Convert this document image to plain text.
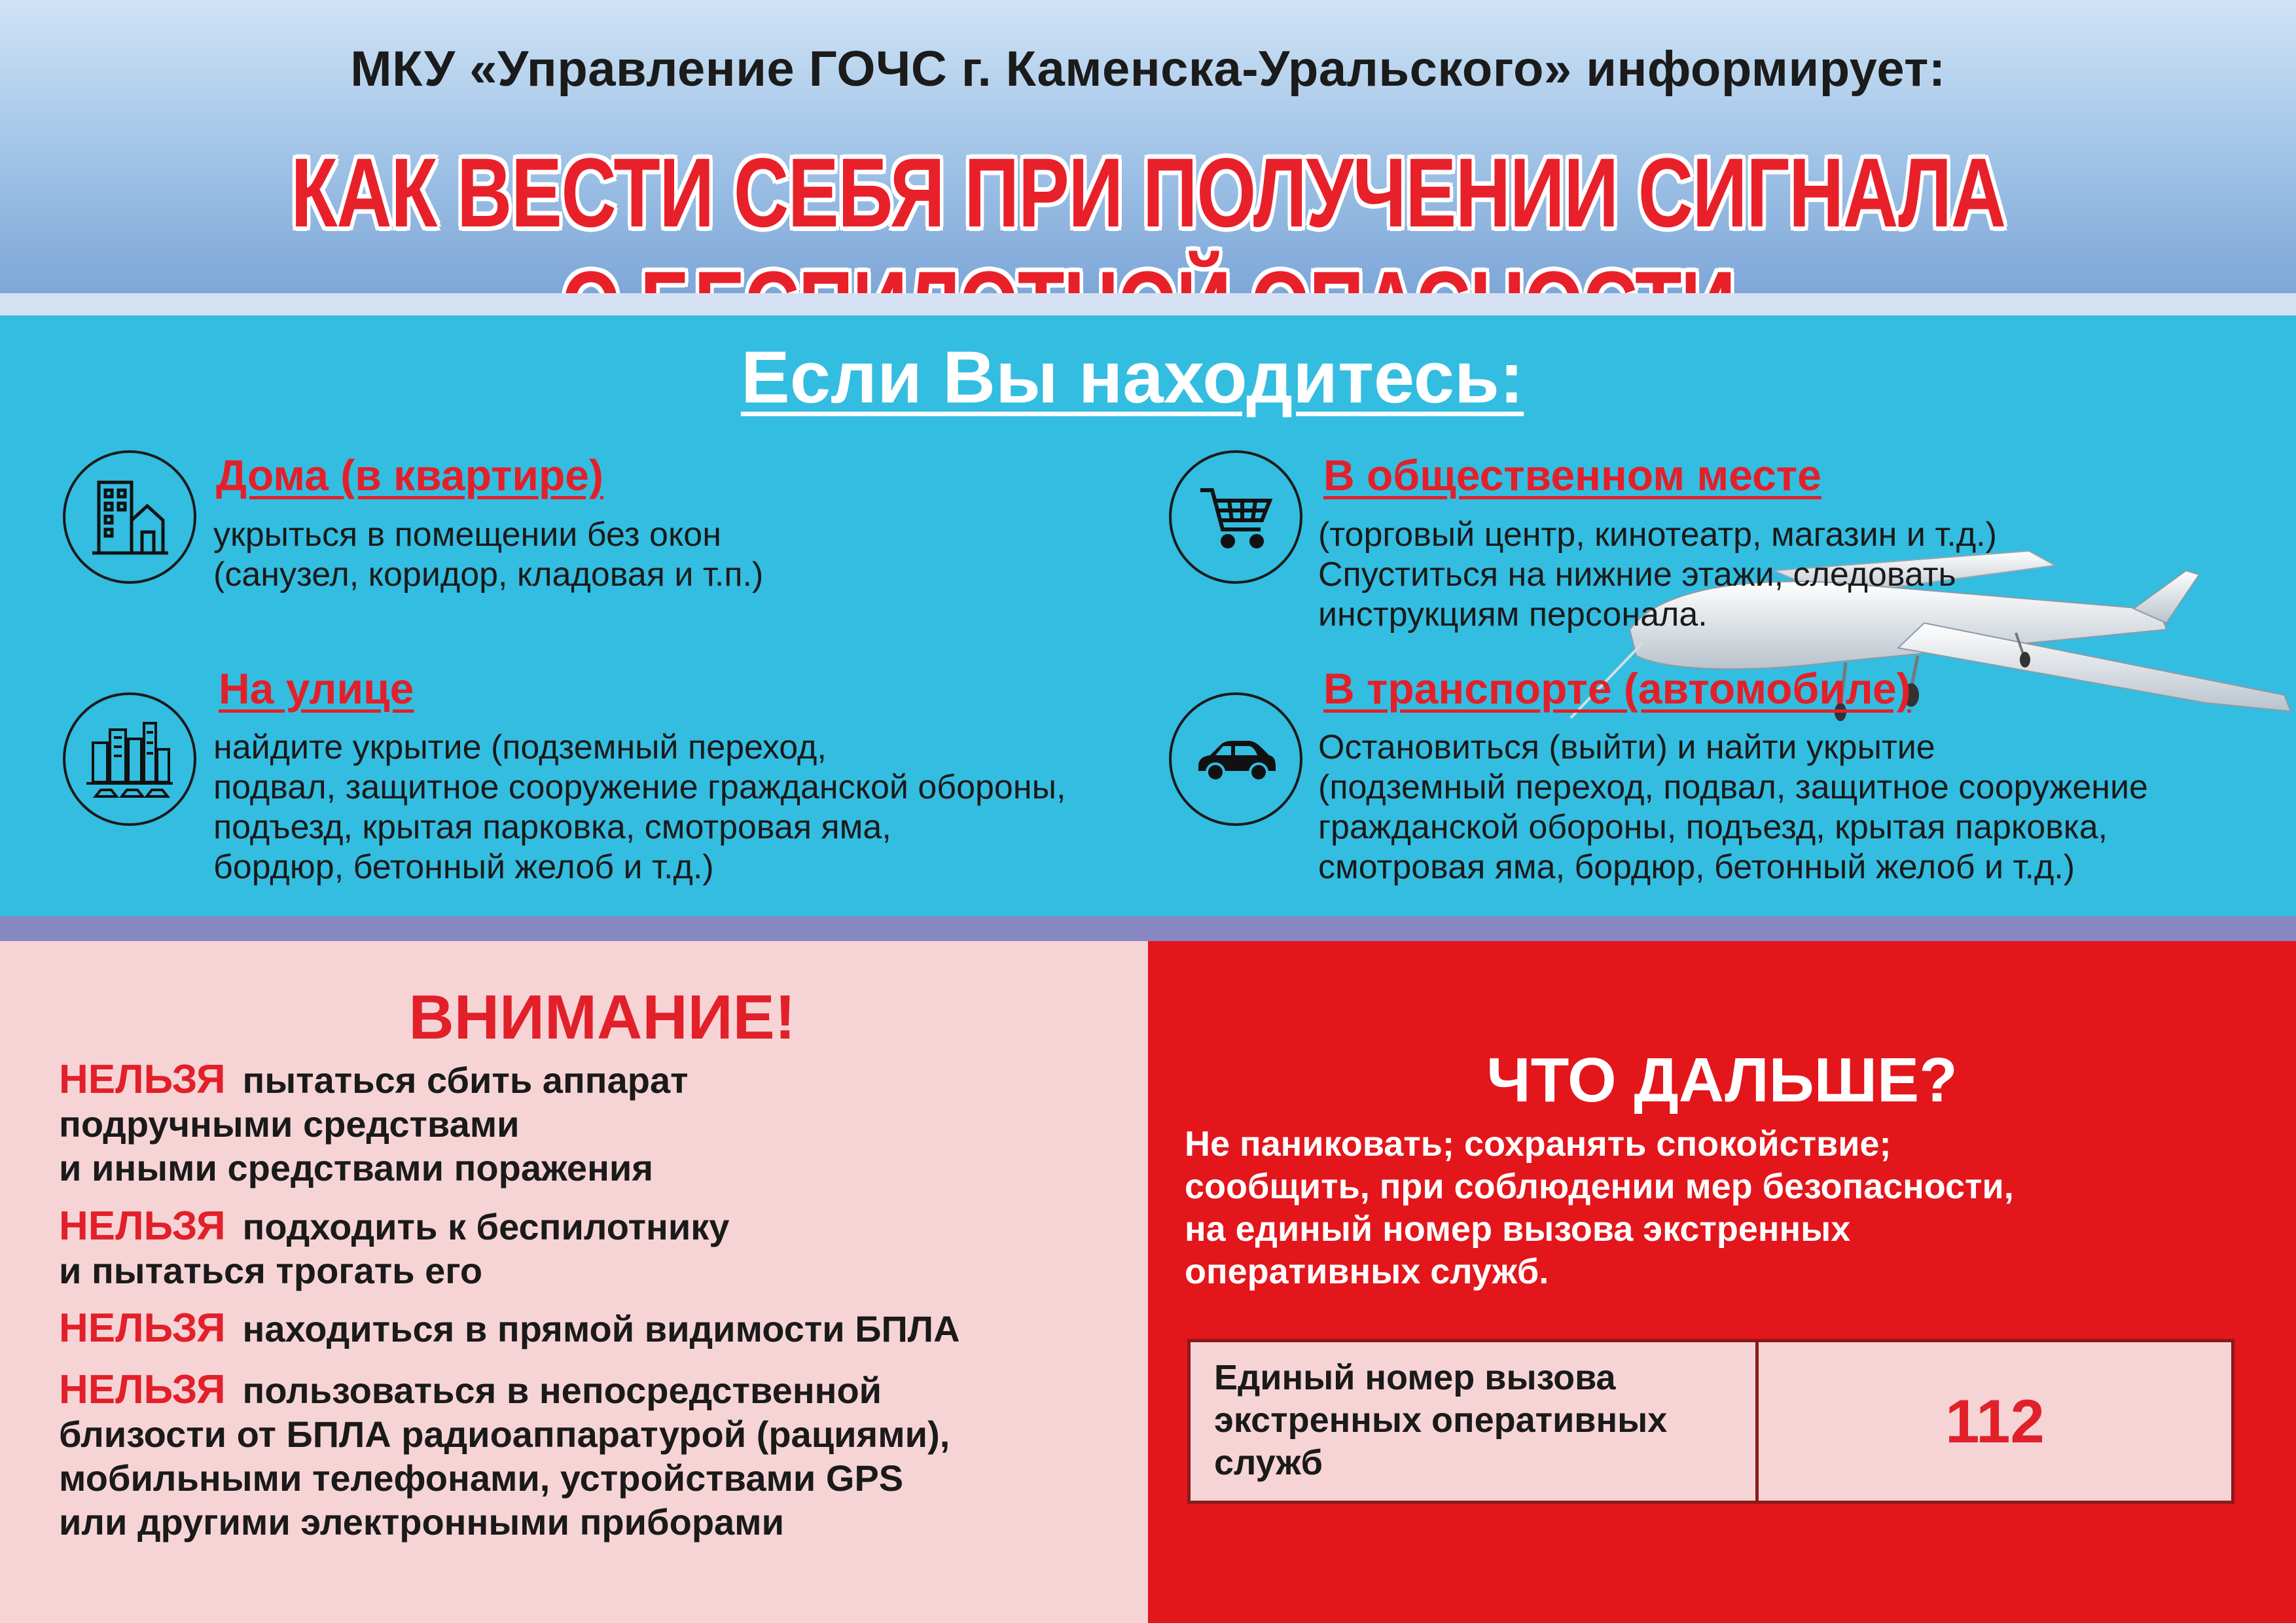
МКУ «Управление ГОЧС г. Каменска-Уральского» информирует:
КАК ВЕСТИ СЕБЯ ПРИ ПОЛУЧЕНИИ СИГНАЛА
Если Вы находитесь:
Дома (в квартире)
укрыться в помещении без окон
(санузел, коридор, кладовая и т.п.)
В общественном месте
(торговый центр, кинотеатр, магазин и т.д.)
Спуститься на нижние этажи, следовать
инструкциям персонала.
На улице
найдите укрытие (подземный переход,
подвал, защитное сооружение гражданской обороны,
подъезд, крытая парковка, смотровая яма,
бордюр, бетонный желоб и т.д.)
В транспорте (автомобиле)
Остановиться (выйти) и найти укрытие
(подземный переход, подвал, защитное сооружение
гражданской обороны, подъезд, крытая парковка,
смотровая яма, бордюр, бетонный желоб и т.д.)
ВНИМАНИЕ!
НЕЛЬЗЯ пытаться сбить аппарат
подручными средствами
и иными средствами поражения
НЕЛЬЗЯ подходить к беспилотнику
и пытаться трогать его
НЕЛЬЗЯ находиться в прямой видимости БПЛА
НЕЛЬЗЯ пользоваться в непосредственной
близости от БПЛА радиоаппаратурой (рациями),
мобильными телефонами, устройствами GPS
или другими электронными приборами
ЧТО ДАЛЬШЕ?
Не паниковать; сохранять спокойствие;
сообщить, при соблюдении мер безопасности,
на единый номер вызова экстренных
оперативных служб.
Единый номер вызова
экстренных оперативных
служб
112
